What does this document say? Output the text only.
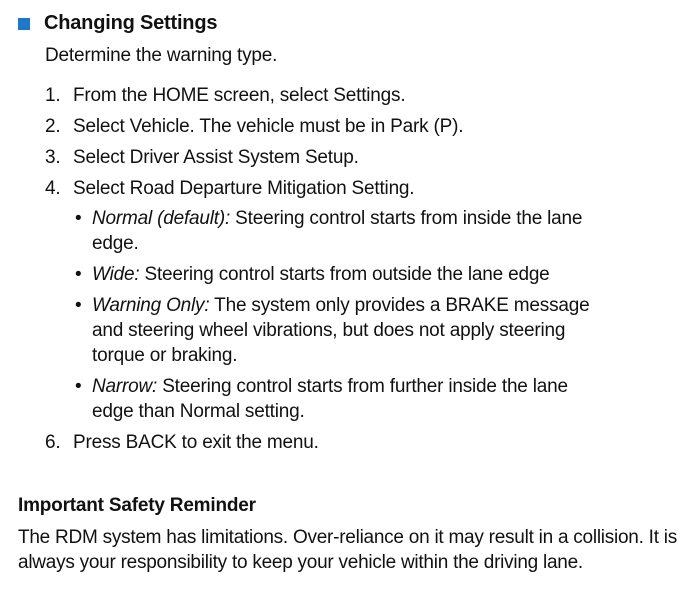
Changing Settings
Determine the warning type.
1. From the HOME screen, select Settings.
2. Select Vehicle. The vehicle must be in Park (P).
3. Select Driver Assist System Setup.
4. Select Road Departure Mitigation Setting.
• Normal (default): Steering control starts from inside the lane edge.
• Wide: Steering control starts from outside the lane edge
• Warning Only: The system only provides a BRAKE message and steering wheel vibrations, but does not apply steering torque or braking.
• Narrow: Steering control starts from further inside the lane edge than Normal setting.
6. Press BACK to exit the menu.
Important Safety Reminder

The RDM system has limitations. Over-reliance on it may result in a collision. It is always your responsibility to keep your vehicle within the driving lane.
